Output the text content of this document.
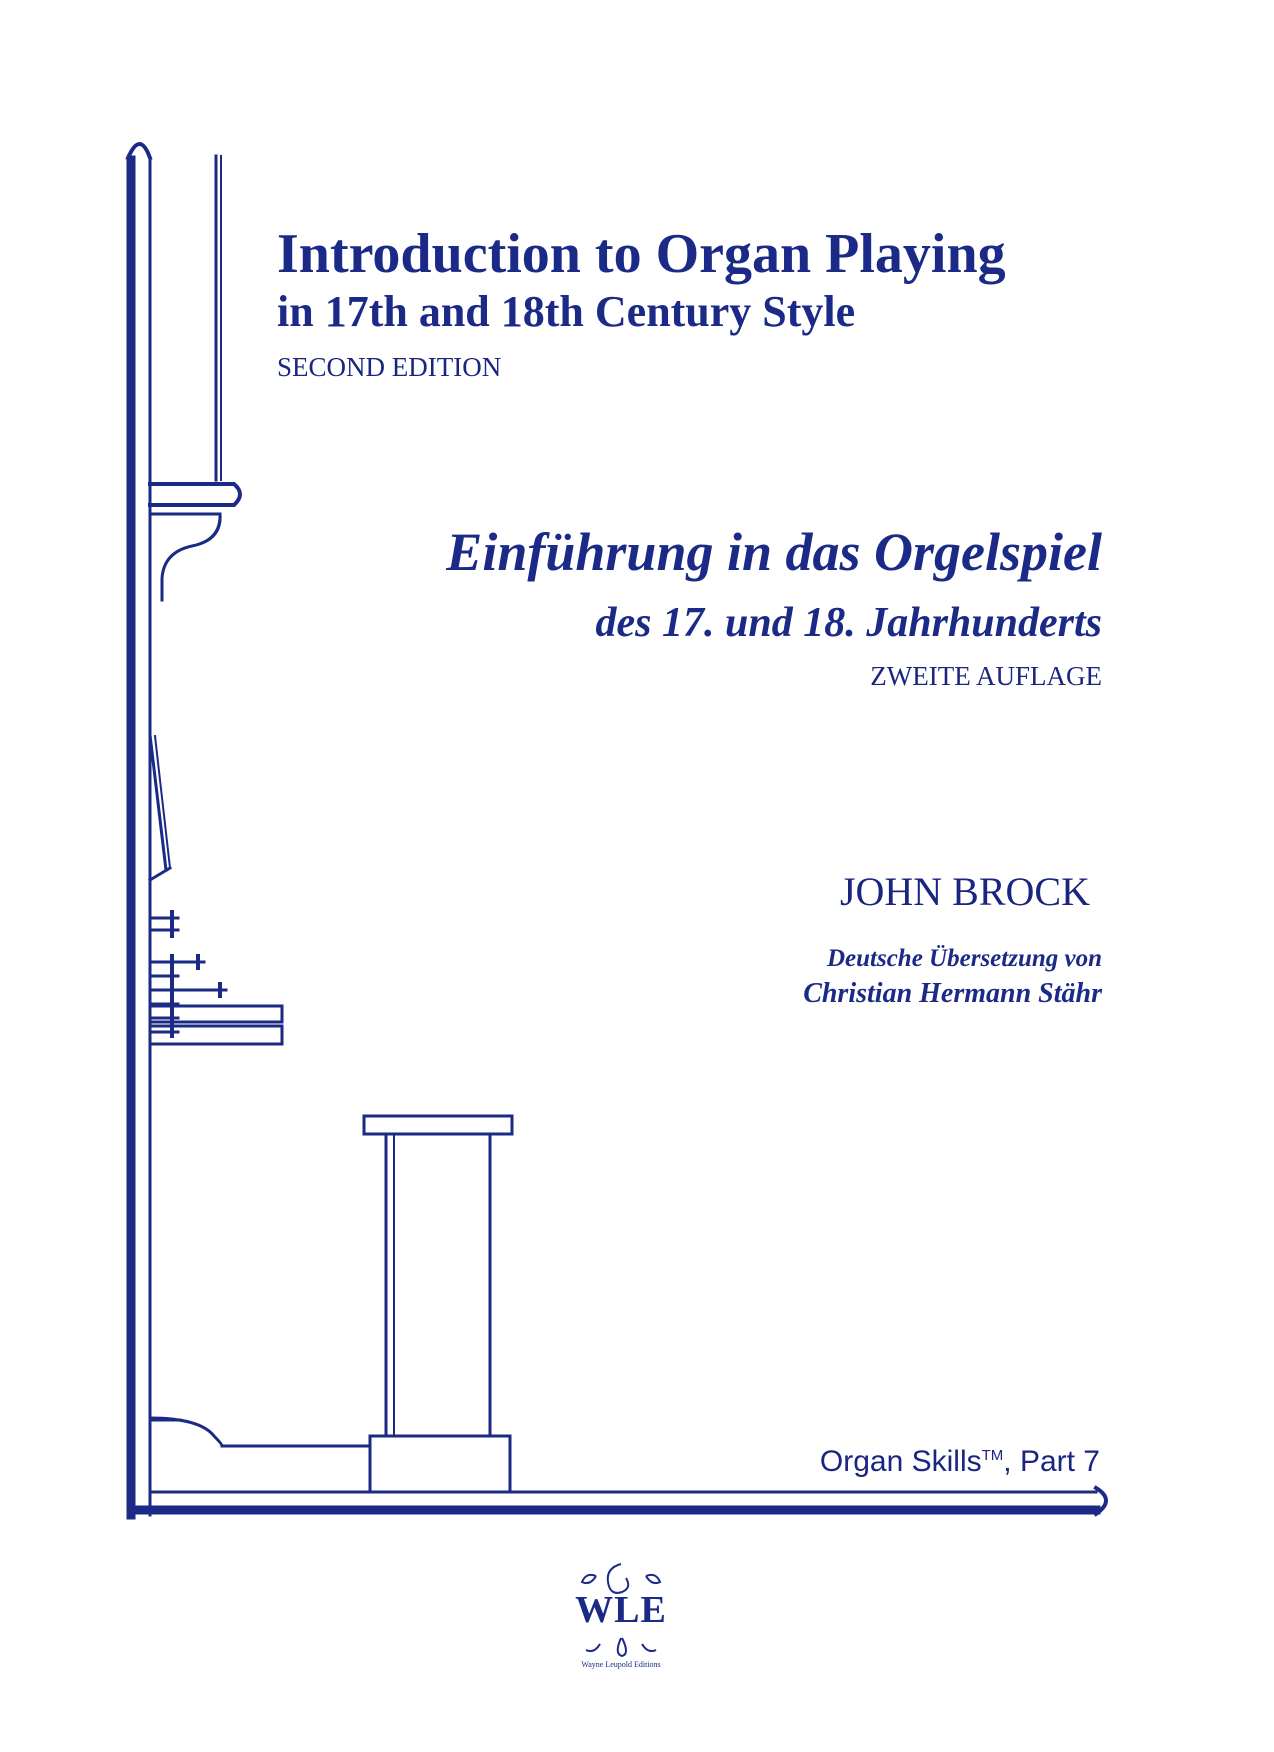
Introduction to Organ Playing
in 17th and 18th Century Style

SECOND EDITION

Einführung in das Orgelspiel
des 17. und 18. Jahrhunderts

ZWEITE AUFLAGE

JOHN BROCK

Deutsche Übersetzung von

Christian Hermann Stähr

Organ Skills™, Part 7

WLE
Wayne Leupold Editions
